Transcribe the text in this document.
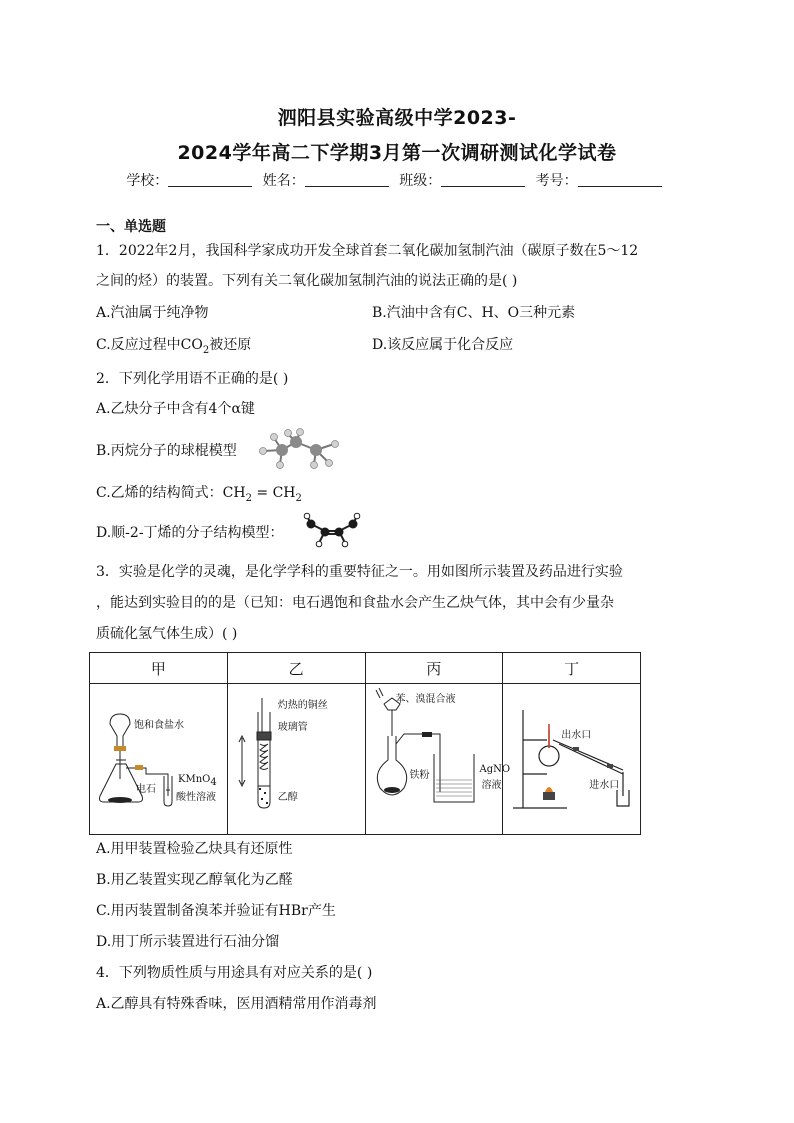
泗阳县实验高级中学2023-
2024学年高二下学期3月第一次调研测试化学试卷
学校：	姓名：	班级：	考号：
一、单选题
1．2022年2月，我国科学家成功开发全球首套二氧化碳加氢制汽油（碳原子数在5～12
之间的烃）的装置。下列有关二氧化碳加氢制汽油的说法正确的是( )
A.汽油属于纯净物	B.汽油中含有C、H、O三种元素
C.反应过程中$CO_2$被还原	D.该反应属于化合反应
2．下列化学用语不正确的是( )
A.乙炔分子中含有4个α键
B.丙烷分子的球棍模型
C.乙烯的结构简式：$CH_2 = CH_2$
D.顺-2-丁烯的分子结构模型：
3．实验是化学的灵魂，是化学学科的重要特征之一。用如图所示装置及药品进行实验
，能达到实验目的的是（已知：电石遇饱和食盐水会产生乙炔气体，其中会有少量杂
质硫化氢气体生成）( )
甲	乙	丙	丁

饱和食盐水
电石
KMnO$_4$
酸性溶液	灼热的铜丝
玻璃管
乙醇	苯、溴混合液
铁粉
AgNO
溶液	出水口
进水口
A.用甲装置检验乙炔具有还原性
B.用乙装置实现乙醇氧化为乙醛
C.用丙装置制备溴苯并验证有HBr产生
D.用丁所示装置进行石油分馏
4．下列物质性质与用途具有对应关系的是( )
A.乙醇具有特殊香味，医用酒精常用作消毒剂
